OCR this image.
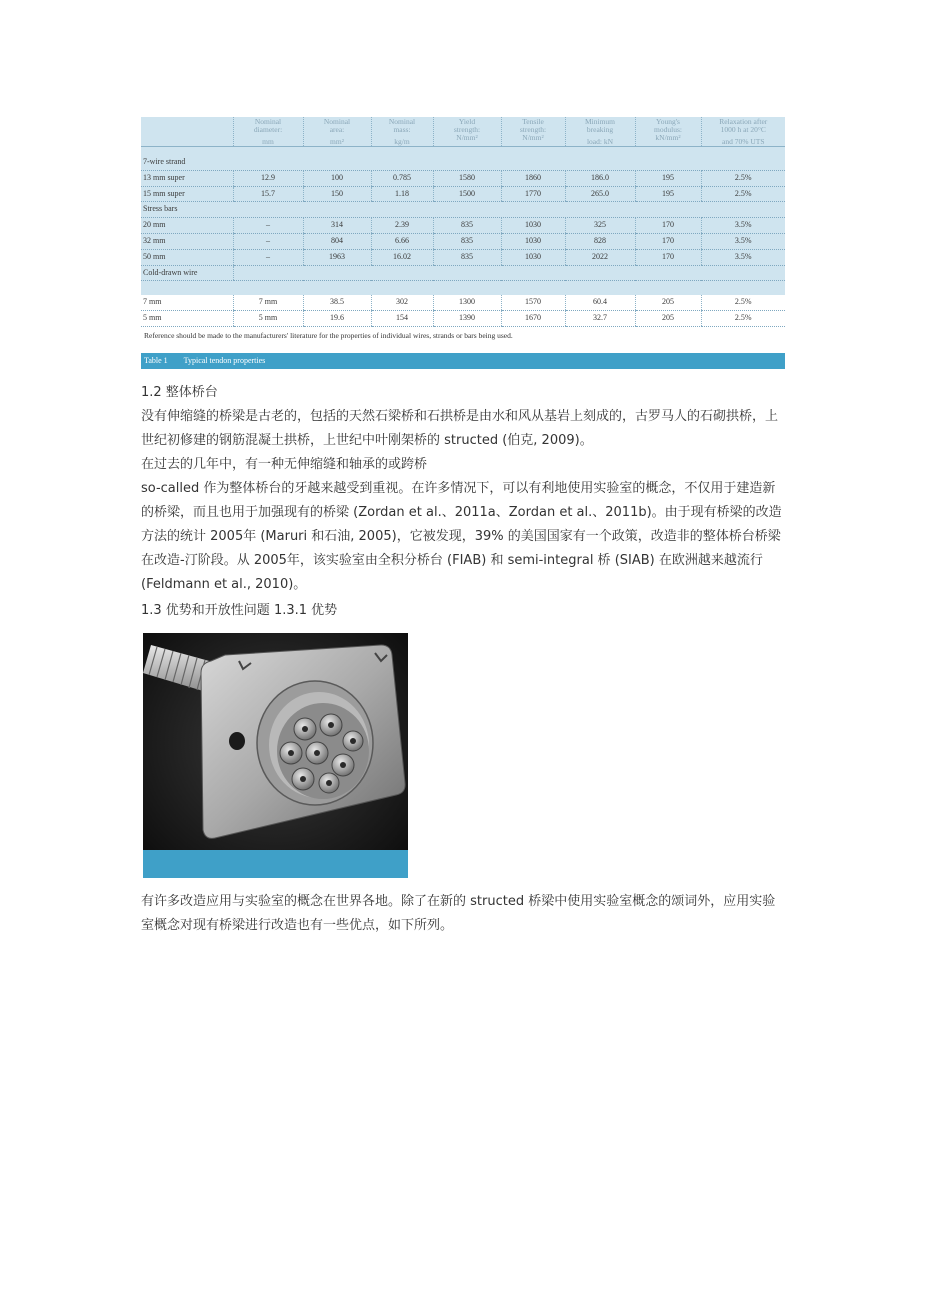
	Nominal
diameter:
mm	Nominal
area:
mm²	Nominal
mass:
kg/m	Yield
strength:
N/mm²	Tensile
strength:
N/mm²	Minimum
breaking
load: kN	Young's
modulus:
kN/mm²	Relaxation after
1000 h at 20°C
and 70% UTS

7-wire strand								
13 mm super	12.9	100	0.785	1580	1860	186.0	195	2.5%
15 mm super	15.7	150	1.18	1500	1770	265.0	195	2.5%
Stress bars								
20 mm	–	314	2.39	835	1030	325	170	3.5%
32 mm	–	804	6.66	835	1030	828	170	3.5%
50 mm	–	1963	16.02	835	1030	2022	170	3.5%
Cold-drawn wire								
7 mm	7 mm	38.5	302	1300	1570	60.4	205	2.5%
5 mm	5 mm	19.6	154	1390	1670	32.7	205	2.5%
Reference should be made to the manufacturers' literature for the properties of individual wires, strands or bars being used.
Table 1 Typical tendon properties
1.2 整体桥台

没有伸缩缝的桥梁是古老的，包括的天然石梁桥和石拱桥是由水和风从基岩上刻成的，古罗马人的石砌拱桥，上世纪初修建的钢筋混凝土拱桥，上世纪中叶刚架桥的 structed (伯克, 2009)。

在过去的几年中，有一种无伸缩缝和轴承的或跨桥

so-called 作为整体桥台的牙越来越受到重视。在许多情况下，可以有利地使用实验室的概念，不仅用于建造新的桥梁，而且也用于加强现有的桥梁 (Zordan et al.、2011a、Zordan et al.、2011b)。由于现有桥梁的改造方法的统计 2005年 (Maruri 和石油, 2005)，它被发现，39% 的美国国家有一个政策，改造非的整体桥台桥梁在改造-汀阶段。从 2005年，该实验室由全积分桥台 (FIAB) 和 semi-integral 桥 (SIAB) 在欧洲越来越流行 (Feldmann et al., 2010)。

1.3 优势和开放性问题 1.3.1 优势

有许多改造应用与实验室的概念在世界各地。除了在新的 structed 桥梁中使用实验室概念的颂词外，应用实验室概念对现有桥梁进行改造也有一些优点，如下所列。
